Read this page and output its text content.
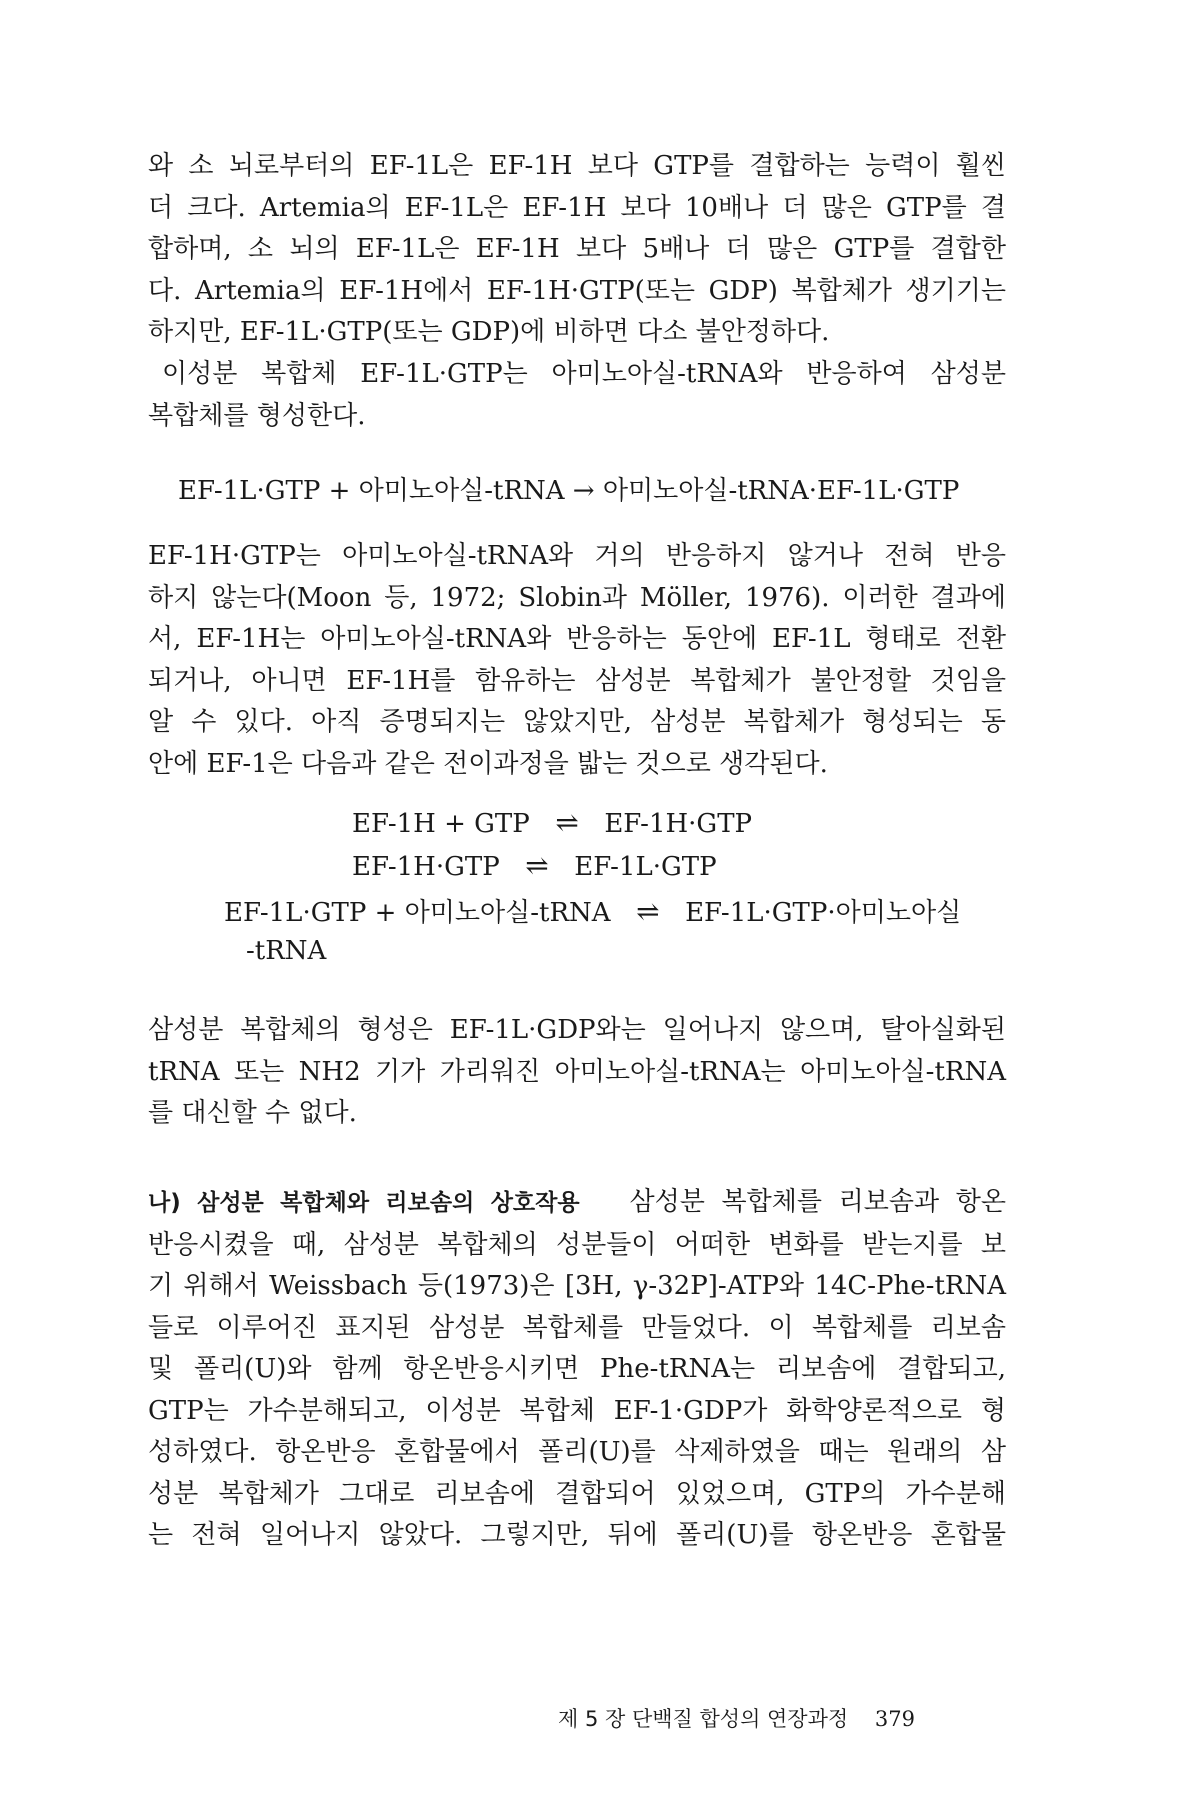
와 소 뇌로부터의 EF-1L은 EF-1H 보다 GTP를 결합하는 능력이 훨씬
더 크다. Artemia의 EF-1L은 EF-1H 보다 10배나 더 많은 GTP를 결
합하며, 소 뇌의 EF-1L은 EF-1H 보다 5배나 더 많은 GTP를 결합한
다. Artemia의 EF-1H에서 EF-1H·GTP(또는 GDP) 복합체가 생기기는
하지만, EF-1L·GTP(또는 GDP)에 비하면 다소 불안정하다.
이성분 복합체 EF-1L·GTP는 아미노아실-tRNA와 반응하여 삼성분
복합체를 형성한다.
EF-1L·GTP + 아미노아실-tRNA → 아미노아실-tRNA·EF-1L·GTP
EF-1H·GTP는 아미노아실-tRNA와 거의 반응하지 않거나 전혀 반응
하지 않는다(Moon 등, 1972; Slobin과 Möller, 1976). 이러한 결과에
서, EF-1H는 아미노아실-tRNA와 반응하는 동안에 EF-1L 형태로 전환
되거나, 아니면 EF-1H를 함유하는 삼성분 복합체가 불안정할 것임을
알 수 있다. 아직 증명되지는 않았지만, 삼성분 복합체가 형성되는 동
안에 EF-1은 다음과 같은 전이과정을 밟는 것으로 생각된다.
EF-1H + GTP ⇌ EF-1H·GTP
EF-1H·GTP ⇌ EF-1L·GTP
EF-1L·GTP + 아미노아실-tRNA ⇌ EF-1L·GTP·아미노아실
-tRNA
삼성분 복합체의 형성은 EF-1L·GDP와는 일어나지 않으며, 탈아실화된
tRNA 또는 NH2 기가 가리워진 아미노아실-tRNA는 아미노아실-tRNA
를 대신할 수 없다.
나) 삼성분 복합체와 리보솜의 상호작용 삼성분 복합체를 리보솜과 항온
반응시켰을 때, 삼성분 복합체의 성분들이 어떠한 변화를 받는지를 보
기 위해서 Weissbach 등(1973)은 [3H, γ-32P]-ATP와 14C-Phe-tRNA
들로 이루어진 표지된 삼성분 복합체를 만들었다. 이 복합체를 리보솜
및 폴리(U)와 함께 항온반응시키면 Phe-tRNA는 리보솜에 결합되고,
GTP는 가수분해되고, 이성분 복합체 EF-1·GDP가 화학양론적으로 형
성하였다. 항온반응 혼합물에서 폴리(U)를 삭제하였을 때는 원래의 삼
성분 복합체가 그대로 리보솜에 결합되어 있었으며, GTP의 가수분해
는 전혀 일어나지 않았다. 그렇지만, 뒤에 폴리(U)를 항온반응 혼합물
제 5 장 단백질 합성의 연장과정 379
